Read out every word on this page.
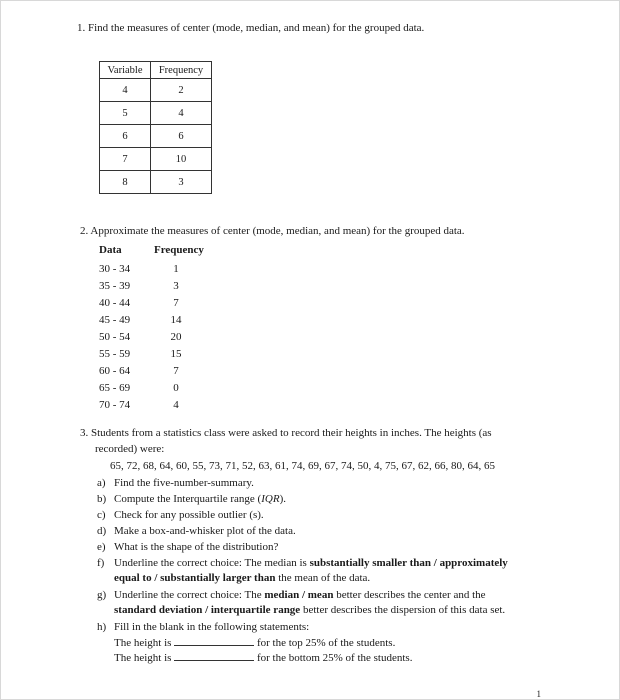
1. Find the measures of center (mode, median, and mean) for the grouped data.
Variable	Frequency
4	2
5	4
6	6
7	10
8	3
2. Approximate the measures of center (mode, median, and mean) for the grouped data.
Data	Frequency
30 - 34	1
35 - 39	3
40 - 44	7
45 - 49	14
50 - 54	20
55 - 59	15
60 - 64	7
65 - 69	0
70 - 74	4
3. Students from a statistics class were asked to record their heights in inches. The heights (as
recorded) were:
65, 72, 68, 64, 60, 55, 73, 71, 52, 63, 61, 74, 69, 67, 74, 50, 4, 75, 67, 62, 66, 80, 64, 65
a) Find the five-number-summary.
b) Compute the Interquartile range (IQR).
c) Check for any possible outlier (s).
d) Make a box-and-whisker plot of the data.
e) What is the shape of the distribution?
f) Underline the correct choice: The median is substantially smaller than / approximately
equal to / substantially larger than the mean of the data.
g) Underline the correct choice: The median / mean better describes the center and the
standard deviation / interquartile range better describes the dispersion of this data set.
h) Fill in the blank in the following statements:
The height is	for the top 25% of the students.
The height is	for the bottom 25% of the students.
1
